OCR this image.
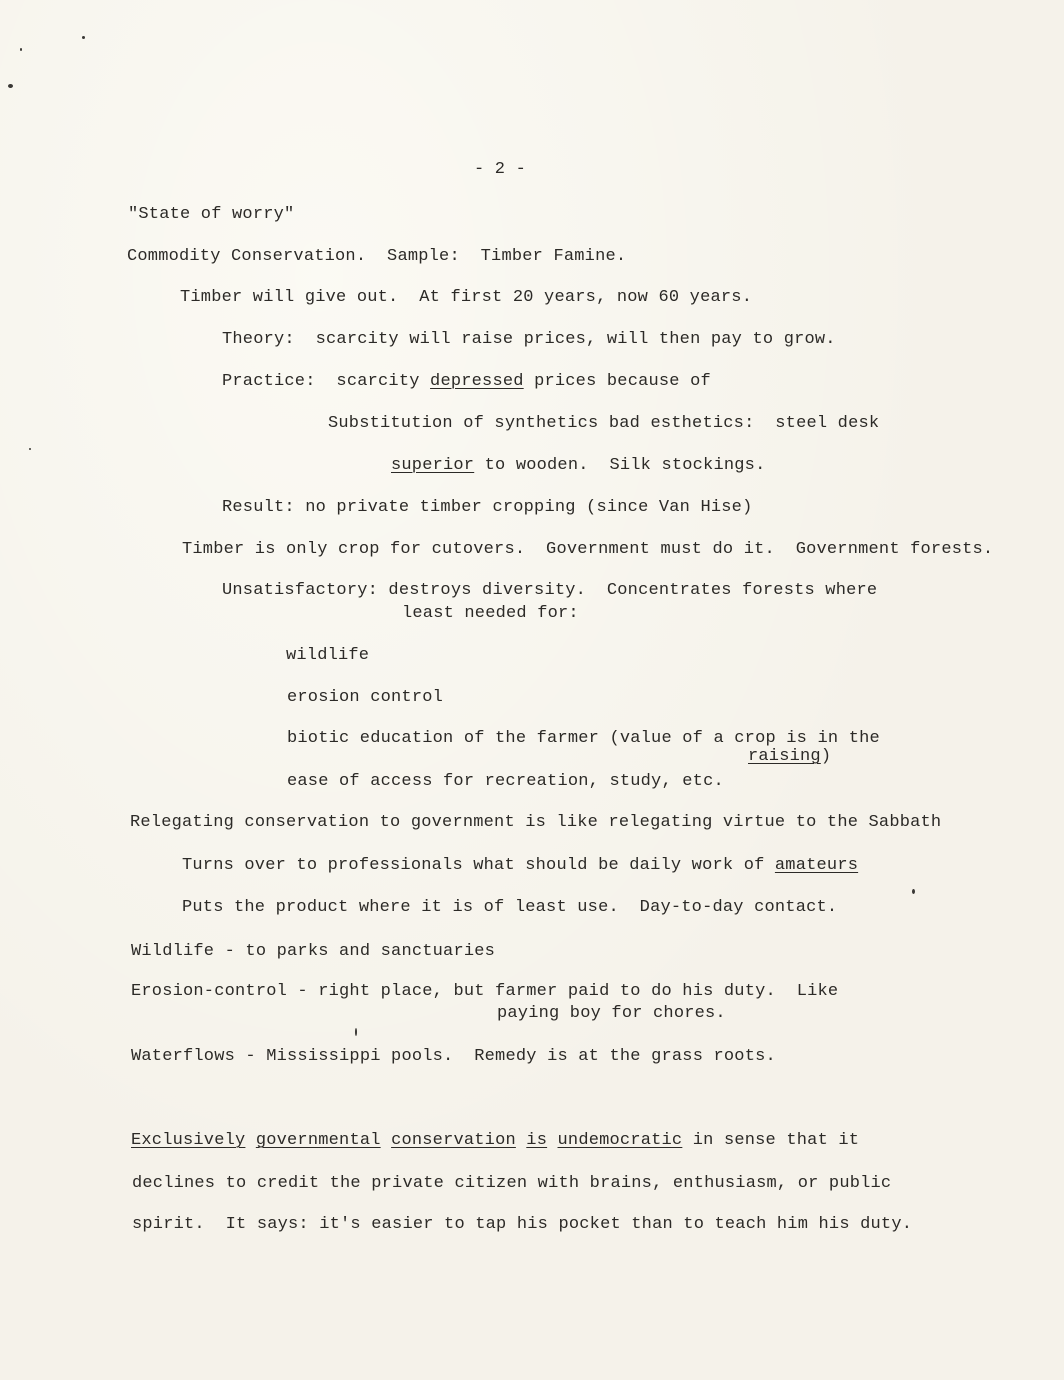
- 2 -
"State of worry"
Commodity Conservation.  Sample:  Timber Famine.
Timber will give out.  At first 20 years, now 60 years.
Theory:  scarcity will raise prices, will then pay to grow.
Practice:  scarcity depressed prices because of
Substitution of synthetics bad esthetics:  steel desk
superior to wooden.  Silk stockings.
Result: no private timber cropping (since Van Hise)
Timber is only crop for cutovers.  Government must do it.  Government forests.
Unsatisfactory: destroys diversity.  Concentrates forests where
least needed for:
wildlife
erosion control
biotic education of the farmer (value of a crop is in the
raising)
ease of access for recreation, study, etc.
Relegating conservation to government is like relegating virtue to the Sabbath
Turns over to professionals what should be daily work of amateurs
Puts the product where it is of least use.  Day-to-day contact.
Wildlife - to parks and sanctuaries
Erosion-control - right place, but farmer paid to do his duty.  Like
paying boy for chores.
Waterflows - Mississippi pools.  Remedy is at the grass roots.
Exclusively governmental conservation is undemocratic in sense that it
declines to credit the private citizen with brains, enthusiasm, or public
spirit.  It says: it's easier to tap his pocket than to teach him his duty.
